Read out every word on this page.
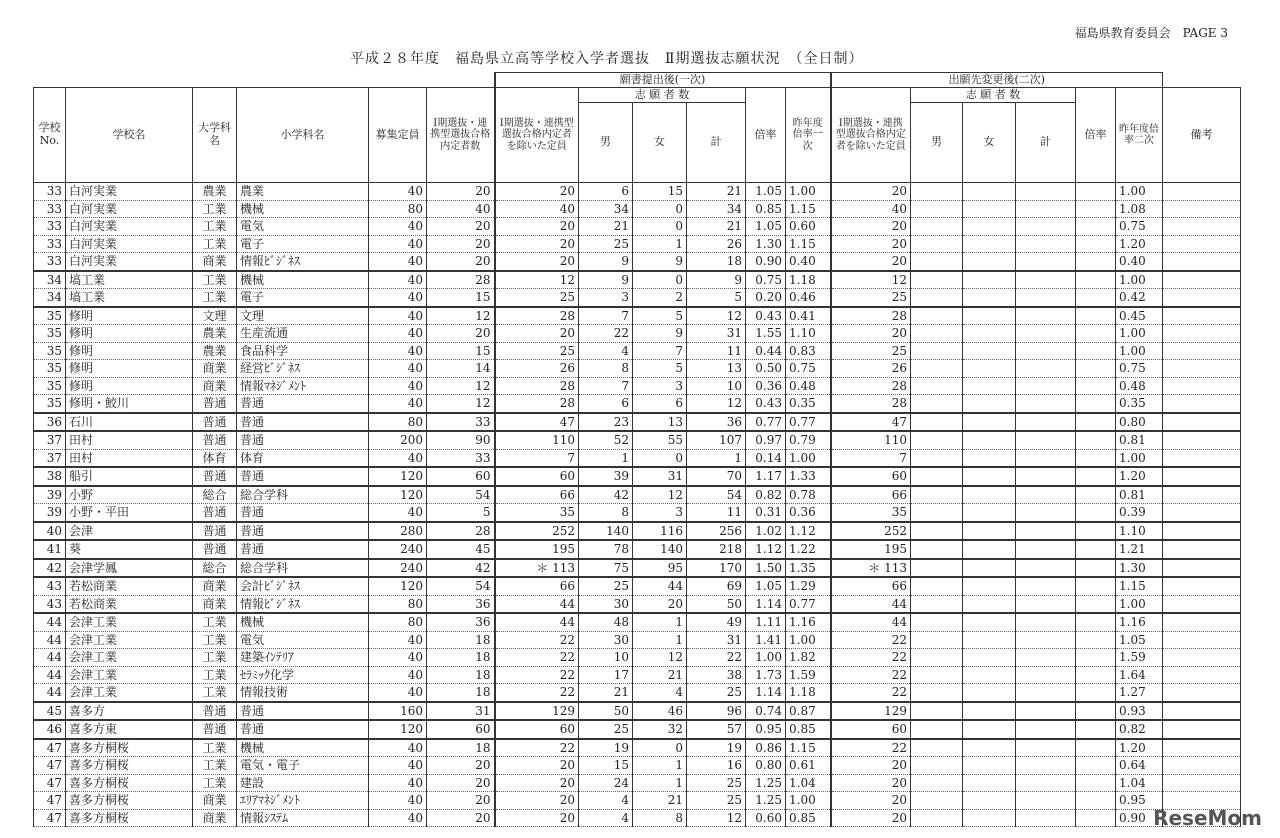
福島県教育委員会　PAGE 3
平成２８年度　福島県立高等学校入学者選抜　Ⅱ期選抜志願状況　（全日制）
						願書提出後(一次)						出願先変更後(二次)						
学校No.	学校名	大学科名	小学科名	募集定員	Ⅰ期選抜・連携型選抜合格内定者数	Ⅰ期選抜・連携型選抜合格内定者を除いた定員	志 願 者 数			倍率	昨年度倍率一次	Ⅰ期選抜・連携型選抜合格内定者を除いた定員	志 願 者 数			倍率	昨年度倍率二次	備考
							男	女	計				男	女	計			
33	白河実業	農業	農業	40	20	20	6	15	21	1.05	1.00	20					1.00	
33	白河実業	工業	機械	80	40	40	34	0	34	0.85	1.15	40					1.08	
33	白河実業	工業	電気	40	20	20	21	0	21	1.05	0.60	20					0.75	
33	白河実業	工業	電子	40	20	20	25	1	26	1.30	1.15	20					1.20	
33	白河実業	商業	情報ﾋﾞｼﾞﾈｽ	40	20	20	9	9	18	0.90	0.40	20					0.40	
34	塙工業	工業	機械	40	28	12	9	0	9	0.75	1.18	12					1.00	
34	塙工業	工業	電子	40	15	25	3	2	5	0.20	0.46	25					0.42	
35	修明	文理	文理	40	12	28	7	5	12	0.43	0.41	28					0.45	
35	修明	農業	生産流通	40	20	20	22	9	31	1.55	1.10	20					1.00	
35	修明	農業	食品科学	40	15	25	4	7	11	0.44	0.83	25					1.00	
35	修明	商業	経営ﾋﾞｼﾞﾈｽ	40	14	26	8	5	13	0.50	0.75	26					0.75	
35	修明	商業	情報ﾏﾈｼﾞﾒﾝﾄ	40	12	28	7	3	10	0.36	0.48	28					0.48	
35	修明・鮫川	普通	普通	40	12	28	6	6	12	0.43	0.35	28					0.35	
36	石川	普通	普通	80	33	47	23	13	36	0.77	0.77	47					0.80	
37	田村	普通	普通	200	90	110	52	55	107	0.97	0.79	110					0.81	
37	田村	体育	体育	40	33	7	1	0	1	0.14	1.00	7					1.00	
38	船引	普通	普通	120	60	60	39	31	70	1.17	1.33	60					1.20	
39	小野	総合	総合学科	120	54	66	42	12	54	0.82	0.78	66					0.81	
39	小野・平田	普通	普通	40	5	35	8	3	11	0.31	0.36	35					0.39	
40	会津	普通	普通	280	28	252	140	116	256	1.02	1.12	252					1.10	
41	葵	普通	普通	240	45	195	78	140	218	1.12	1.22	195					1.21	
42	会津学鳳	総合	総合学科	240	42	＊ 113	75	95	170	1.50	1.35	＊ 113					1.30	
43	若松商業	商業	会計ﾋﾞｼﾞﾈｽ	120	54	66	25	44	69	1.05	1.29	66					1.15	
43	若松商業	商業	情報ﾋﾞｼﾞﾈｽ	80	36	44	30	20	50	1.14	0.77	44					1.00	
44	会津工業	工業	機械	80	36	44	48	1	49	1.11	1.16	44					1.16	
44	会津工業	工業	電気	40	18	22	30	1	31	1.41	1.00	22					1.05	
44	会津工業	工業	建築ｲﾝﾃﾘｱ	40	18	22	10	12	22	1.00	1.82	22					1.59	
44	会津工業	工業	ｾﾗﾐｯｸ化学	40	18	22	17	21	38	1.73	1.59	22					1.64	
44	会津工業	工業	情報技術	40	18	22	21	4	25	1.14	1.18	22					1.27	
45	喜多方	普通	普通	160	31	129	50	46	96	0.74	0.87	129					0.93	
46	喜多方東	普通	普通	120	60	60	25	32	57	0.95	0.85	60					0.82	
47	喜多方桐桜	工業	機械	40	18	22	19	0	19	0.86	1.15	22					1.20	
47	喜多方桐桜	工業	電気・電子	40	20	20	15	1	16	0.80	0.61	20					0.64	
47	喜多方桐桜	工業	建設	40	20	20	24	1	25	1.25	1.04	20					1.04	
47	喜多方桐桜	商業	ｴﾘｱﾏﾈｼﾞﾒﾝﾄ	40	20	20	4	21	25	1.25	1.00	20					0.95	
47	喜多方桐桜	商業	情報ｼｽﾃﾑ	40	20	20	4	8	12	0.60	0.85	20					0.90	ReseMom
